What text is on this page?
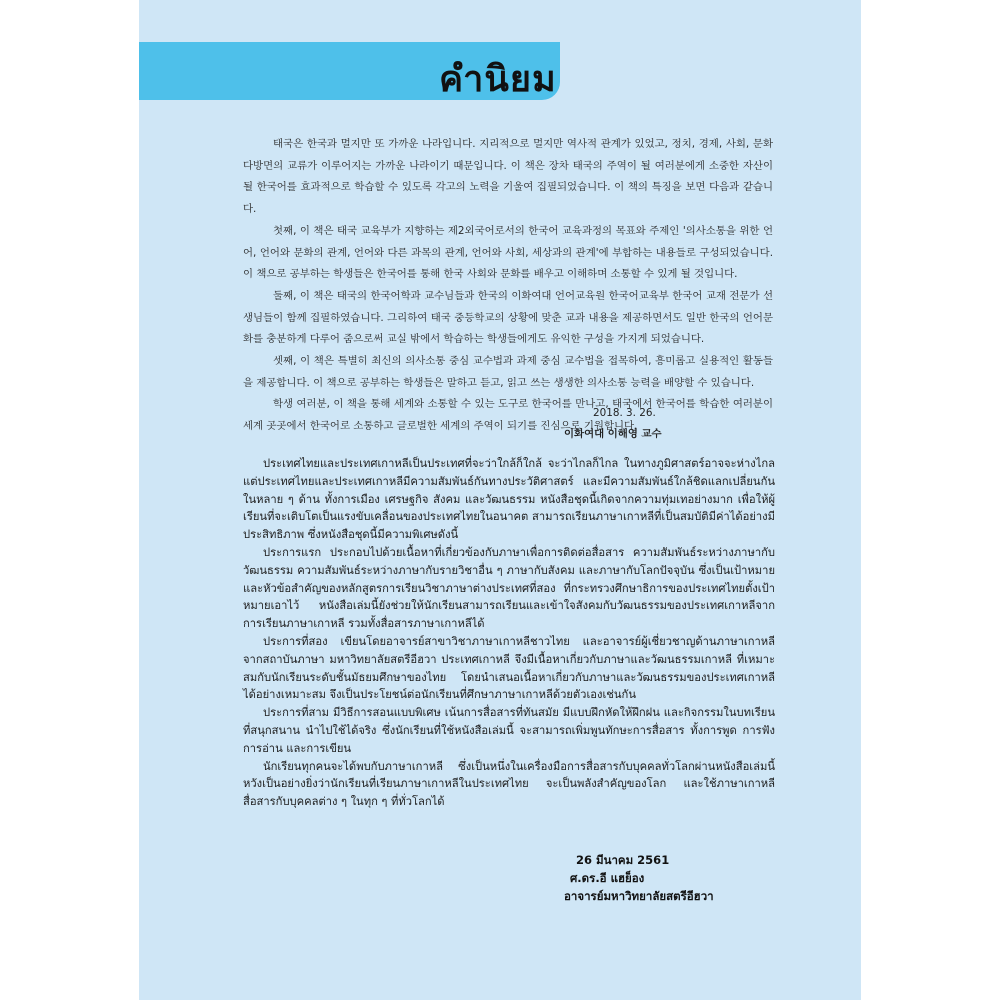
คำนิยม

태국은 한국과 멀지만 또 가까운 나라입니다. 지리적으로 멀지만 역사적 관계가 있었고, 정치, 경제, 사회, 문화 다방면의 교류가 이루어지는 가까운 나라이기 때문입니다. 이 책은 장차 태국의 주역이 될 여러분에게 소중한 자산이 될 한국어를 효과적으로 학습할 수 있도록 각고의 노력을 기울여 집필되었습니다. 이 책의 특징을 보면 다음과 같습니다.

첫째, 이 책은 태국 교육부가 지향하는 제2외국어로서의 한국어 교육과정의 목표와 주제인 '의사소통을 위한 언어, 언어와 문화의 관계, 언어와 다른 과목의 관계, 언어와 사회, 세상과의 관계'에 부합하는 내용들로 구성되었습니다. 이 책으로 공부하는 학생들은 한국어를 통해 한국 사회와 문화를 배우고 이해하며 소통할 수 있게 될 것입니다.

둘째, 이 책은 태국의 한국어학과 교수님들과 한국의 이화여대 언어교육원 한국어교육부 한국어 교재 전문가 선생님들이 함께 집필하였습니다. 그리하여 태국 중등학교의 상황에 맞춘 교과 내용을 제공하면서도 일반 한국의 언어문화를 충분하게 다루어 줌으로써 교실 밖에서 학습하는 학생들에게도 유익한 구성을 가지게 되었습니다.

셋째, 이 책은 특별히 최신의 의사소통 중심 교수법과 과제 중심 교수법을 접목하여, 흥미롭고 실용적인 활동들을 제공합니다. 이 책으로 공부하는 학생들은 말하고 듣고, 읽고 쓰는 생생한 의사소통 능력을 배양할 수 있습니다.

학생 여러분, 이 책을 통해 세계와 소통할 수 있는 도구로 한국어를 만나고, 태국에서 한국어를 학습한 여러분이 세계 곳곳에서 한국어로 소통하고 글로벌한 세계의 주역이 되기를 진심으로 기원합니다.

2018. 3. 26.
이화여대 이해영 교수

ประเทศไทยและประเทศเกาหลีเป็นประเทศที่จะว่าใกล้ก็ใกล้ จะว่าไกลก็ไกล ในทางภูมิศาสตร์อาจจะห่างไกล แต่ประเทศไทยและประเทศเกาหลีมีความสัมพันธ์กันทางประวัติศาสตร์ และมีความสัมพันธ์ใกล้ชิดแลกเปลี่ยนกันในหลาย ๆ ด้าน ทั้งการเมือง เศรษฐกิจ สังคม และวัฒนธรรม หนังสือชุดนี้เกิดจากความทุ่มเทอย่างมาก เพื่อให้ผู้เรียนที่จะเติบโตเป็นแรงขับเคลื่อนของประเทศไทยในอนาคต สามารถเรียนภาษาเกาหลีที่เป็นสมบัติมีค่าได้อย่างมีประสิทธิภาพ ซึ่งหนังสือชุดนี้มีความพิเศษดังนี้

ประการแรก ประกอบไปด้วยเนื้อหาที่เกี่ยวข้องกับภาษาเพื่อการติดต่อสื่อสาร ความสัมพันธ์ระหว่างภาษากับวัฒนธรรม ความสัมพันธ์ระหว่างภาษากับรายวิชาอื่น ๆ ภาษากับสังคม และภาษากับโลกปัจจุบัน ซึ่งเป็นเป้าหมายและหัวข้อสำคัญของหลักสูตรการเรียนวิชาภาษาต่างประเทศที่สอง ที่กระทรวงศึกษาธิการของประเทศไทยตั้งเป้าหมายเอาไว้ หนังสือเล่มนี้ยังช่วยให้นักเรียนสามารถเรียนและเข้าใจสังคมกับวัฒนธรรมของประเทศเกาหลีจากการเรียนภาษาเกาหลี รวมทั้งสื่อสารภาษาเกาหลีได้

ประการที่สอง เขียนโดยอาจารย์สาขาวิชาภาษาเกาหลีชาวไทย และอาจารย์ผู้เชี่ยวชาญด้านภาษาเกาหลีจากสถาบันภาษา มหาวิทยาลัยสตรีอีฮวา ประเทศเกาหลี จึงมีเนื้อหาเกี่ยวกับภาษาและวัฒนธรรมเกาหลี ที่เหมาะสมกับนักเรียนระดับชั้นมัธยมศึกษาของไทย โดยนำเสนอเนื้อหาเกี่ยวกับภาษาและวัฒนธรรมของประเทศเกาหลีได้อย่างเหมาะสม จึงเป็นประโยชน์ต่อนักเรียนที่ศึกษาภาษาเกาหลีด้วยตัวเองเช่นกัน

ประการที่สาม มีวิธีการสอนแบบพิเศษ เน้นการสื่อสารที่ทันสมัย มีแบบฝึกหัดให้ฝึกฝน และกิจกรรมในบทเรียนที่สนุกสนาน นำไปใช้ได้จริง ซึ่งนักเรียนที่ใช้หนังสือเล่มนี้ จะสามารถเพิ่มพูนทักษะการสื่อสาร ทั้งการพูด การฟัง การอ่าน และการเขียน

นักเรียนทุกคนจะได้พบกับภาษาเกาหลี ซึ่งเป็นหนึ่งในเครื่องมือการสื่อสารกับบุคคลทั่วโลกผ่านหนังสือเล่มนี้ หวังเป็นอย่างยิ่งว่านักเรียนที่เรียนภาษาเกาหลีในประเทศไทย จะเป็นพลังสำคัญของโลก และใช้ภาษาเกาหลีสื่อสารกับบุคคลต่าง ๆ ในทุก ๆ ที่ทั่วโลกได้

26 มีนาคม 2561
ศ.ดร.อี แฮย็อง
อาจารย์มหาวิทยาลัยสตรีอีฮวา
